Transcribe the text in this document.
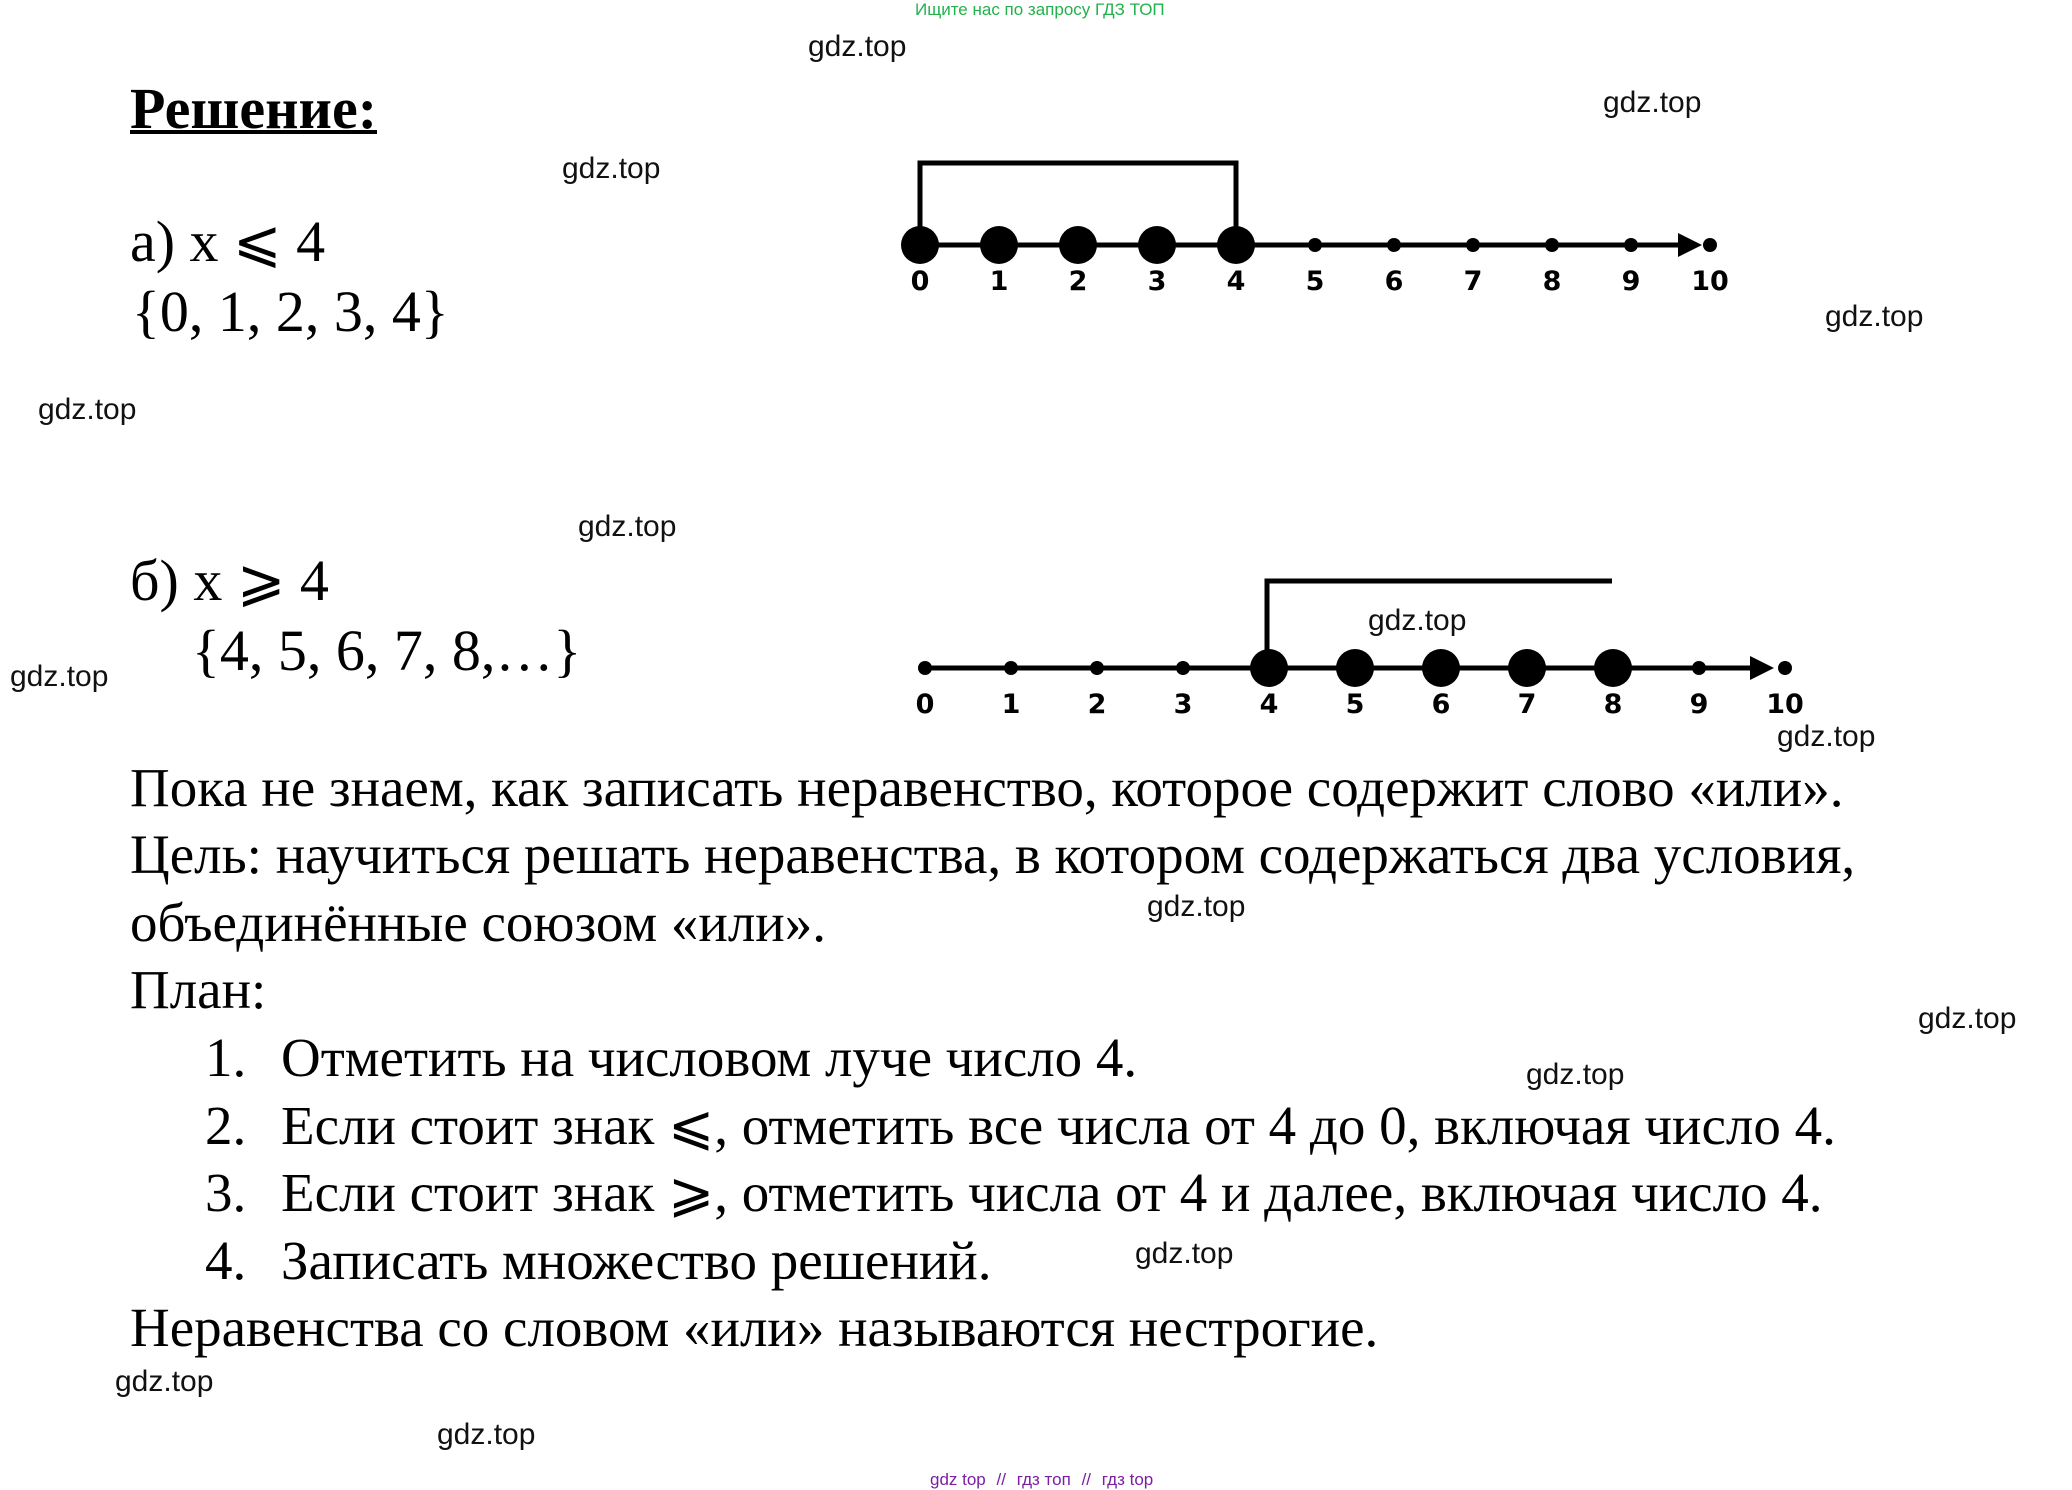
Ищите нас по запросу ГДЗ ТОП
gdz top // гдз топ // гдз top
Решение:
а) x ⩽ 4
{0, 1, 2, 3, 4}	0 1 2 3 4 5 6 7 8 9 10
б) x ⩾ 4
{4, 5, 6, 7, 8,…}
0 1 2 3 4 5 6 7 8 9 10
Пока не знаем, как записать неравенство, которое содержит слово «или».
Цель: научиться решать неравенства, в котором содержаться два условия,
объединённые союзом «или».
План:
1. Отметить на числовом луче число 4.
2. Если стоит знак ⩽, отметить все числа от 4 до 0, включая число 4.
3. Если стоит знак ⩾, отметить числа от 4 и далее, включая число 4.
4. Записать множество решений.
Неравенства со словом «или» называются нестрогие.
gdz.top
gdz.top
gdz.top
gdz.top
gdz.top
gdz.top
gdz.top
gdz.top
gdz.top
gdz.top
gdz.top
gdz.top
gdz.top
gdz.top
gdz.top
